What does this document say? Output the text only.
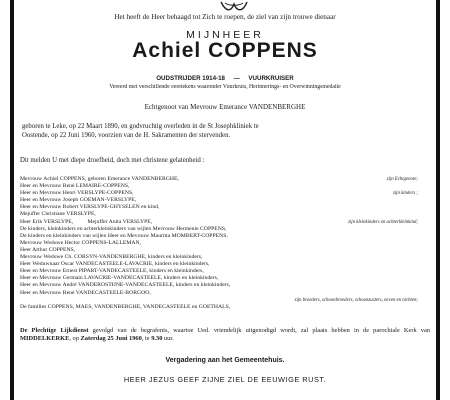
Het heeft de Heer behaagd tot Zich te roepen, de ziel van zijn trouwe dienaar
MIJNHEER
Achiel COPPENS
OUDSTRIJDER 1914-18 — VUURKRUISER
Vereerd met verschillende eeretekens waaronder Vuurkruis, Herinnerings- en Overwinningsmedalie
Echtgenoot van Mevrouw Emerance VANDENBERGHE
geboren te Leke, op 22 Maart 1890, en godvruchtig overleden in de St Josephkliniek te
Oostende, op 22 Juni 1960, voorzien van de H. Sakramenten der stervenden.
Dit melden U met diepe droefheid, doch met christene gelatenheid :
Mevrouw Achiel COPPENS, geboren Emerance VANDENBERGHE,	zijn Echtgenote;
Heer en Mevrouw René LEMAIRE-COPPENS,
Heer en Mevrouw Henri VERSLYPE-COPPENS,	zijn kinders ;
Heer en Mevrouw Joseph GOEMAN-VERSLYPE,
Heer en Mevrouw Robert VERSLYPE-GHYSELEN en kind,
Mejuffer Christiane VERSLYPE,
Heer Erik VERSLYPE,          Mejuffer Anita VERSLYPE,	zijn kleinkinders en achterkleinkind;
De kinders, kleinkinders en achterkleinkinders van wijlen Mevrouw Hermenie COPPENS,
De kinders en kleinkinders van wijlen Heer en Mevrouw Mauritta MOMBERT-COPPENS,
Mevrouw Weduwe Hector COPPENS-LALLEMAN,
Heer Arthur COPPENS,
Mevrouw Weduwe Ch. CORSYN-VANDENBERGHE, kinders en kleinkinders,
Heer Weduwnaar Oscar VANDECASTEELE-LAVACRIE, kinders en kleinkinders,
Heer en Mevrouw Ernest PIPART-VANDECASTEELE, kinders en kleinkinders,
Heer en Mevrouw Germain LAVACRIE-VANDECASTEELE, kinders en kleinkinders,
Heer en Mevrouw André VANDEROSTIJNE-VANDECASTEELE, kinders en kleinkinders,
Heer en Mevrouw René VANDECASTEELE-BORGOO,
zijn broeders, schoonbroeders, schoonzusters, neven en nichten;
De families COPPENS, MAES, VANDENBERGHE, VANDECASTEELE en GOETHALS,
De Plechtige Lijkdienst gevolgd van de begrafenis, waartoe Ued. vriendelijk uitgenodigd wordt, zal plaats hebben in de parochiale Kerk van MIDDELKERKE, op Zaterdag 25 Juni 1960, te 9.30 uur.
Vergadering aan het Gemeentehuis.
HEER JEZUS GEEF ZIJNE ZIEL DE EEUWIGE RUST.
